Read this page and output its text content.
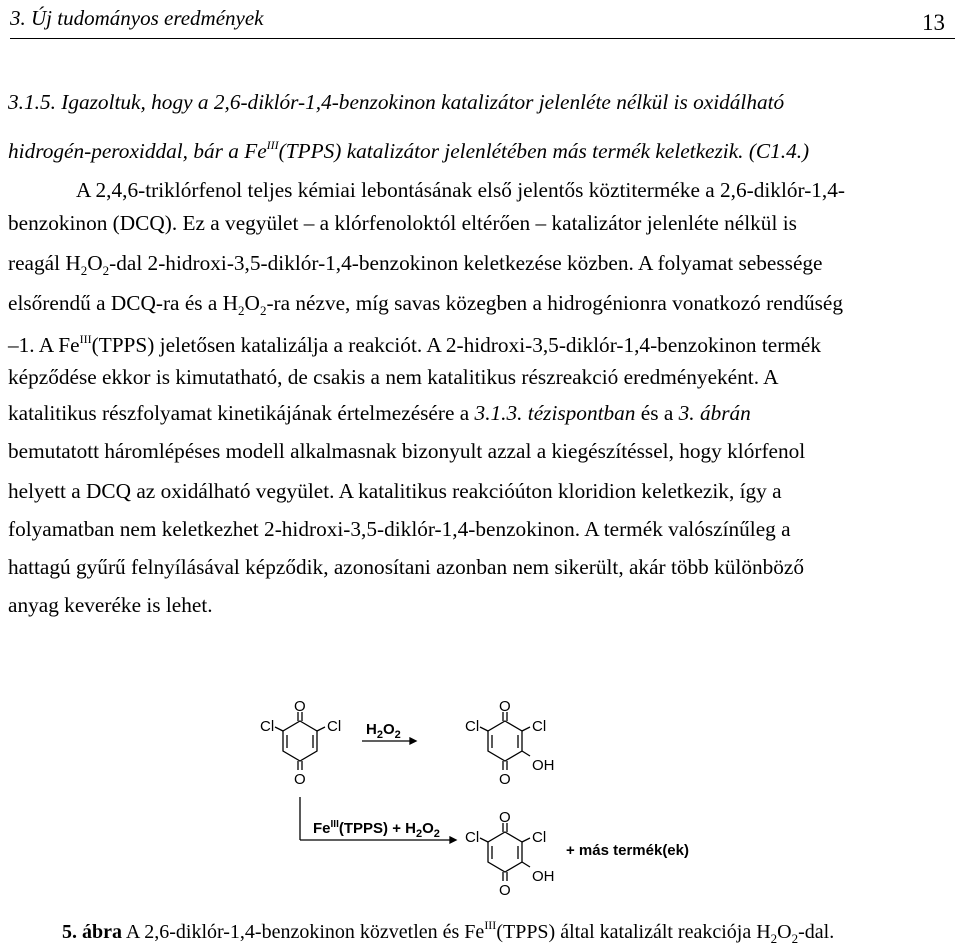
3. Új tudományos eredmények	13
3.1.5. Igazoltuk, hogy a 2,6-diklór-1,4-benzokinon katalizátor jelenléte nélkül is oxidálható
hidrogén-peroxiddal, bár a $Fe^{III}(TPPS)$ katalizátor jelenlétében más termék keletkezik. (C1.4.)
A 2,4,6-triklórfenol teljes kémiai lebontásának első jelentős köztiterméke a 2,6-diklór-1,4-
benzokinon (DCQ). Ez a vegyület – a klórfenoloktól eltérően – katalizátor jelenléte nélkül is
reagál $H_2O_2$-dal 2-hidroxi-3,5-diklór-1,4-benzokinon keletkezése közben. A folyamat sebessége
elsőrendű a DCQ-ra és a $H_2O_2-ra$ nézve, míg savas közegben a hidrogénionra vonatkozó rendűség
–1. A $Fe^{III}(TPPS)$ jeletősen katalizálja a reakciót. A 2-hidroxi-3,5-diklór-1,4-benzokinon termék
képződése ekkor is kimutatható, de csakis a nem katalitikus részreakció eredményeként. A
katalitikus részfolyamat kinetikájának értelmezésére a 3.1.3. tézispontban és a 3. ábrán
bemutatott háromlépéses modell alkalmasnak bizonyult azzal a kiegészítéssel, hogy klórfenol
helyett a DCQ az oxidálható vegyület. A katalitikus reakcióúton kloridion keletkezik, így a
folyamatban nem keletkezhet 2-hidroxi-3,5-diklór-1,4-benzokinon. A termék valószínűleg a
hattagú gyűrű felnyílásával képződik, azonosítani azonban nem sikerült, akár több különböző
anyag keveréke is lehet.
O
O
Cl	Cl $H_2O_2$
O
O
Cl	Cl
OH
$Fe^{III}(TPPS) + H_2O_2$
O
O
Cl	Cl
OH
+ más termék(ek)
5. ábra A 2,6-diklór-1,4-benzokinon közvetlen és $Fe^{III}(TPPS)$ által katalizált reakciója $H_2O_2$-dal.
